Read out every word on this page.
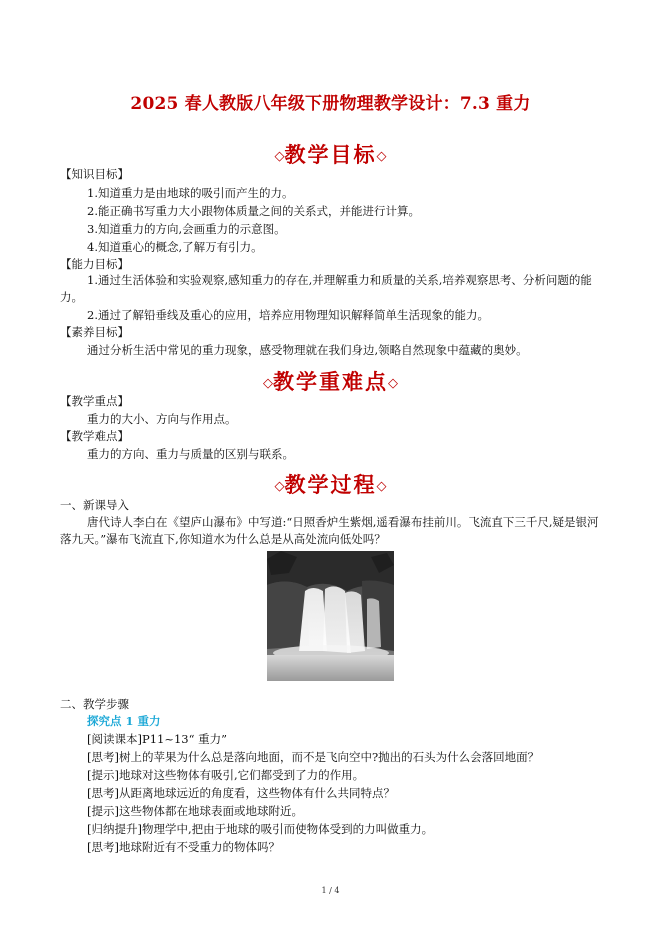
2025 春人教版八年级下册物理教学设计：7.3 重力
◇教学目标◇
【知识目标】
1.知道重力是由地球的吸引而产生的力。
2.能正确书写重力大小跟物体质量之间的关系式，并能进行计算。
3.知道重力的方向,会画重力的示意图。
4.知道重心的概念,了解万有引力。
【能力目标】
1.通过生活体验和实验观察,感知重力的存在,并理解重力和质量的关系,培养观察思考、分析问题的能力。
2.通过了解铅垂线及重心的应用，培养应用物理知识解释简单生活现象的能力。
【素养目标】
通过分析生活中常见的重力现象，感受物理就在我们身边,领略自然现象中蕴藏的奥妙。
◇教学重难点◇
【教学重点】
重力的大小、方向与作用点。
【教学难点】
重力的方向、重力与质量的区别与联系。
◇教学过程◇
一、新课导入
唐代诗人李白在《望庐山瀑布》中写道:“日照香炉生紫烟,遥看瀑布挂前川。飞流直下三千尺,疑是银河落九天。”瀑布飞流直下,你知道水为什么总是从高处流向低处吗？
二、教学步骤
探究点 1 重力
[阅读课本]P11~13“ 重力”
[思考]树上的苹果为什么总是落向地面，而不是飞向空中?抛出的石头为什么会落回地面？
[提示]地球对这些物体有吸引,它们都受到了力的作用。
[思考]从距离地球远近的角度看，这些物体有什么共同特点？
[提示]这些物体都在地球表面或地球附近。
[归纳提升]物理学中,把由于地球的吸引而使物体受到的力叫做重力。
[思考]地球附近有不受重力的物体吗？
1 / 4
